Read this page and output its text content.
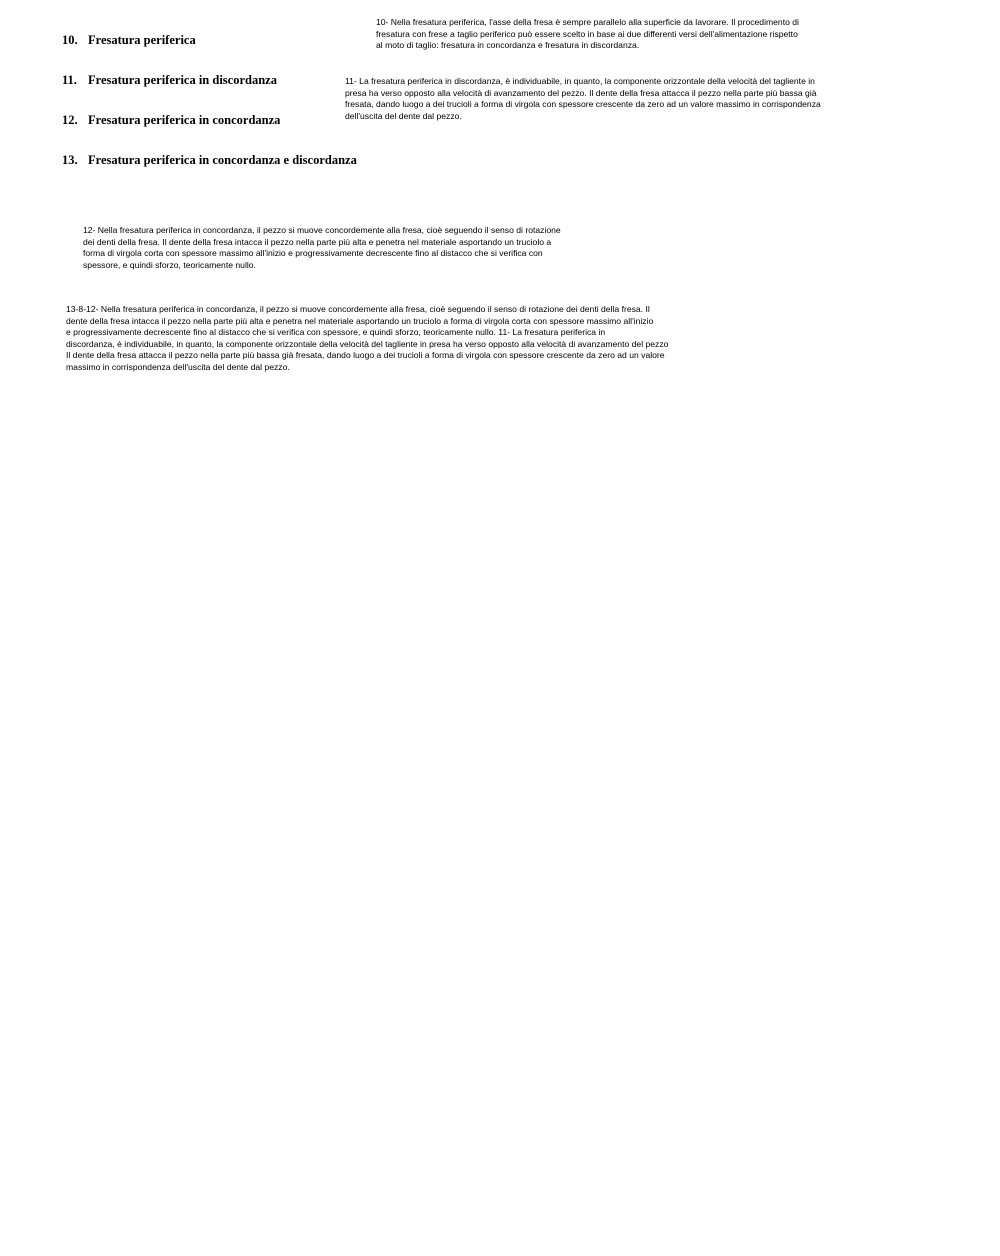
10. Fresatura periferica
11. Fresatura periferica in discordanza
12. Fresatura periferica in concordanza
13. Fresatura periferica in concordanza e discordanza
10- Nella fresatura periferica, l'asse della fresa è sempre parallelo alla superficie da lavorare. Il procedimento di
fresatura con frese a taglio periferico può essere scelto in base ai due differenti versi dell'alimentazione rispetto
al moto di taglio: fresatura in concordanza e fresatura in discordanza.
11- La fresatura periferica in discordanza, è individuabile, in quanto, la componente orizzontale della velocità del tagliente in
presa ha verso opposto alla velocità di avanzamento del pezzo. Il dente della fresa attacca il pezzo nella parte più bassa già
fresata, dando luogo a dei trucioli a forma di virgola con spessore crescente da zero ad un valore massimo in corrispondenza
dell'uscita del dente dal pezzo.
12- Nella fresatura periferica in concordanza, il pezzo si muove concordemente alla fresa, cioè seguendo il senso di rotazione
dei denti della fresa. Il dente della fresa intacca il pezzo nella parte più alta e penetra nel materiale asportando un truciolo a
forma di virgola corta con spessore massimo all'inizio e progressivamente decrescente fino al distacco che si verifica con
spessore, e quindi sforzo, teoricamente nullo.
13-8-12- Nella fresatura periferica in concordanza, il pezzo si muove concordemente alla fresa, cioè seguendo il senso di rotazione dei denti della fresa. Il
dente della fresa intacca il pezzo nella parte più alta e penetra nel materiale asportando un truciolo a forma di virgola corta con spessore massimo all'inizio
e progressivamente decrescente fino al distacco che si verifica con spessore, e quindi sforzo, teoricamente nullo. 11- La fresatura periferica in
discordanza, è individuabile, in quanto, la componente orizzontale della velocità del tagliente in presa ha verso opposto alla velocità di avanzamento del pezzo
Il dente della fresa attacca il pezzo nella parte più bassa già fresata, dando luogo a dei trucioli a forma di virgola con spessore crescente da zero ad un valore
massimo in corrispondenza dell'uscita del dente dal pezzo.
